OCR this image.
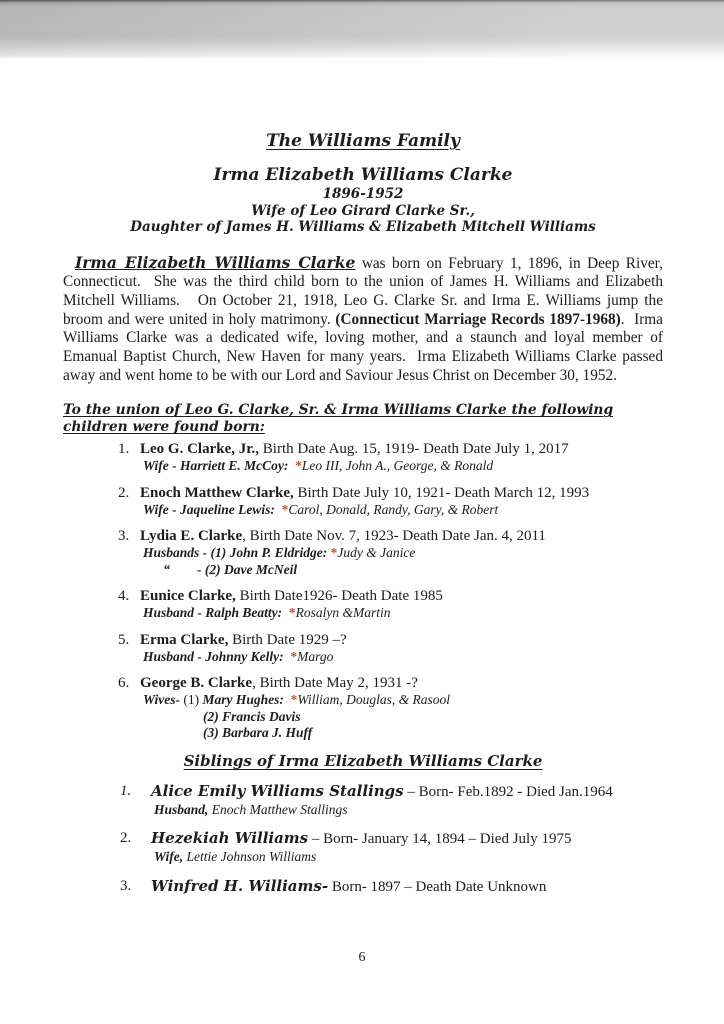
The Williams Family
Irma Elizabeth Williams Clarke
1896-1952
Wife of Leo Girard Clarke Sr.,
Daughter of James H. Williams & Elizabeth Mitchell Williams

Irma Elizabeth Williams Clarke was born on February 1, 1896, in Deep River, Connecticut.  She was the third child born to the union of James H. Williams and Elizabeth Mitchell Williams.   On October 21, 1918, Leo G. Clarke Sr. and Irma E. Williams jump the broom and were united in holy matrimony. (Connecticut Marriage Records 1897-1968).  Irma Williams Clarke was a dedicated wife, loving mother, and a staunch and loyal member of Emanual Baptist Church, New Haven for many years.  Irma Elizabeth Williams Clarke passed away and went home to be with our Lord and Saviour Jesus Christ on December 30, 1952.

To the union of Leo G. Clarke, Sr. & Irma Williams Clarke the following children were found born:
1. Leo G. Clarke, Jr., Birth Date Aug. 15, 1919- Death Date July 1, 2017
Wife - Harriett E. McCoy:  *Leo III, John A., George, & Ronald
2. Enoch Matthew Clarke, Birth Date July 10, 1921- Death March 12, 1993
Wife - Jaqueline Lewis:  *Carol, Donald, Randy, Gary, & Robert
3. Lydia E. Clarke, Birth Date Nov. 7, 1923- Death Date Jan. 4, 2011
Husbands - (1) John P. Eldridge: *Judy & Janice
“        - (2) Dave McNeil
4. Eunice Clarke, Birth Date1926- Death Date 1985
Husband - Ralph Beatty:  *Rosalyn &Martin
5. Erma Clarke, Birth Date 1929 –?
Husband - Johnny Kelly:  *Margo
6. George B. Clarke, Birth Date May 2, 1931 -?
Wives- (1) Mary Hughes:  *William, Douglas, & Rasool
(2) Francis Davis
(3) Barbara J. Huff
Siblings of Irma Elizabeth Williams Clarke
1.	Alice Emily Williams Stallings – Born- Feb.1892 - Died Jan.1964
Husband, Enoch Matthew Stallings
2.	Hezekiah Williams – Born- January 14, 1894 – Died July 1975
Wife, Lettie Johnson Williams
3.	Winfred H. Williams- Born- 1897 – Death Date Unknown
6
